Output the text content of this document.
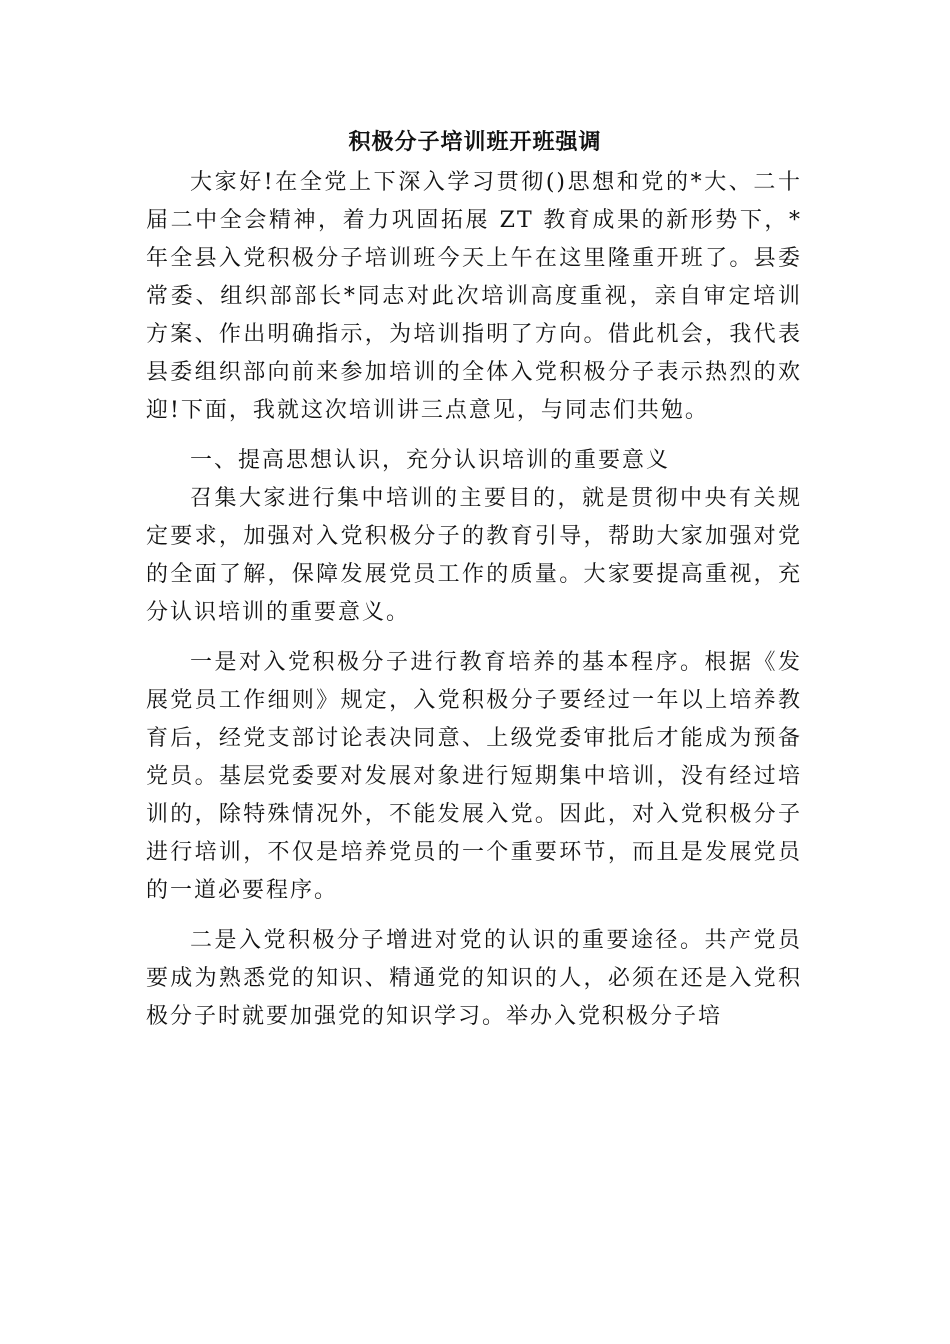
积极分子培训班开班强调

大家好!在全党上下深入学习贯彻()思想和党的*大、二十届二中全会精神，着力巩固拓展 ZT 教育成果的新形势下，*年全县入党积极分子培训班今天上午在这里隆重开班了。县委常委、组织部部长*同志对此次培训高度重视，亲自审定培训方案、作出明确指示，为培训指明了方向。借此机会，我代表县委组织部向前来参加培训的全体入党积极分子表示热烈的欢迎!下面，我就这次培训讲三点意见，与同志们共勉。

一、提高思想认识，充分认识培训的重要意义

召集大家进行集中培训的主要目的，就是贯彻中央有关规定要求，加强对入党积极分子的教育引导，帮助大家加强对党的全面了解，保障发展党员工作的质量。大家要提高重视，充分认识培训的重要意义。

一是对入党积极分子进行教育培养的基本程序。根据《发展党员工作细则》规定，入党积极分子要经过一年以上培养教育后，经党支部讨论表决同意、上级党委审批后才能成为预备党员。基层党委要对发展对象进行短期集中培训，没有经过培训的，除特殊情况外，不能发展入党。因此，对入党积极分子进行培训，不仅是培养党员的一个重要环节，而且是发展党员的一道必要程序。

二是入党积极分子增进对党的认识的重要途径。共产党员要成为熟悉党的知识、精通党的知识的人，必须在还是入党积极分子时就要加强党的知识学习。举办入党积极分子培
